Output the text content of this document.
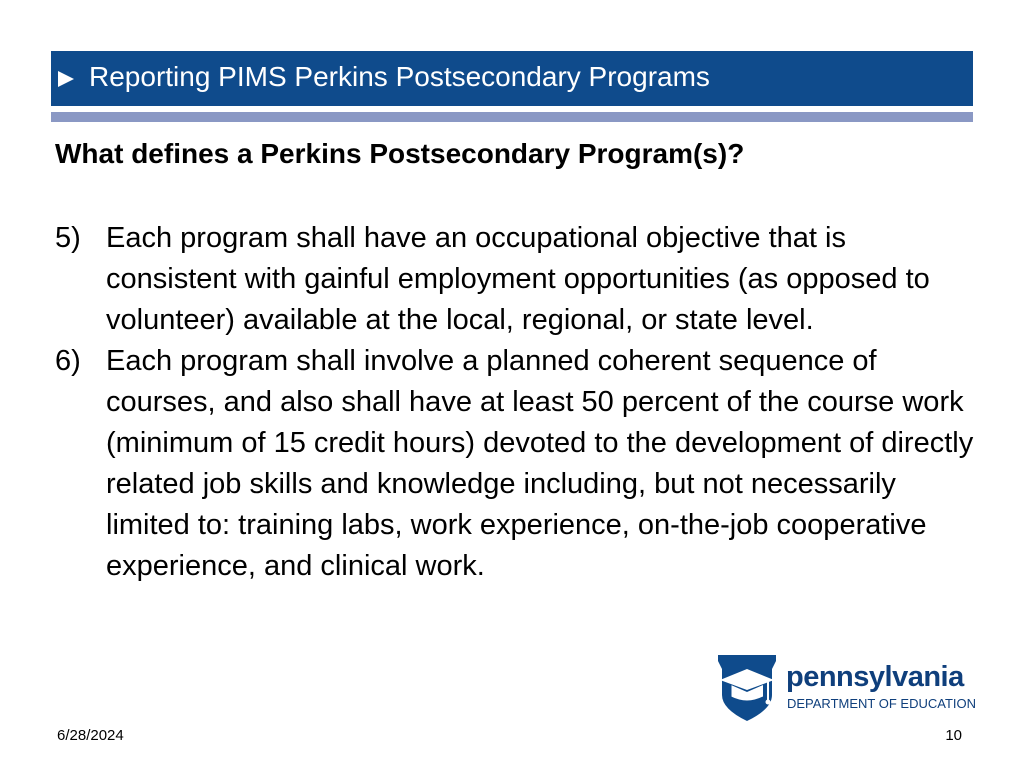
Reporting PIMS Perkins Postsecondary Programs
What defines a Perkins Postsecondary Program(s)?
5) Each program shall have an occupational objective that is consistent with gainful employment opportunities (as opposed to volunteer) available at the local, regional, or state level.
6) Each program shall involve a planned coherent sequence of courses, and also shall have at least 50 percent of the course work (minimum of 15 credit hours) devoted to the development of directly related job skills and knowledge including, but not necessarily limited to: training labs, work experience, on-the-job cooperative experience, and clinical work.
pennsylvania
DEPARTMENT OF EDUCATION
6/28/2024	10
